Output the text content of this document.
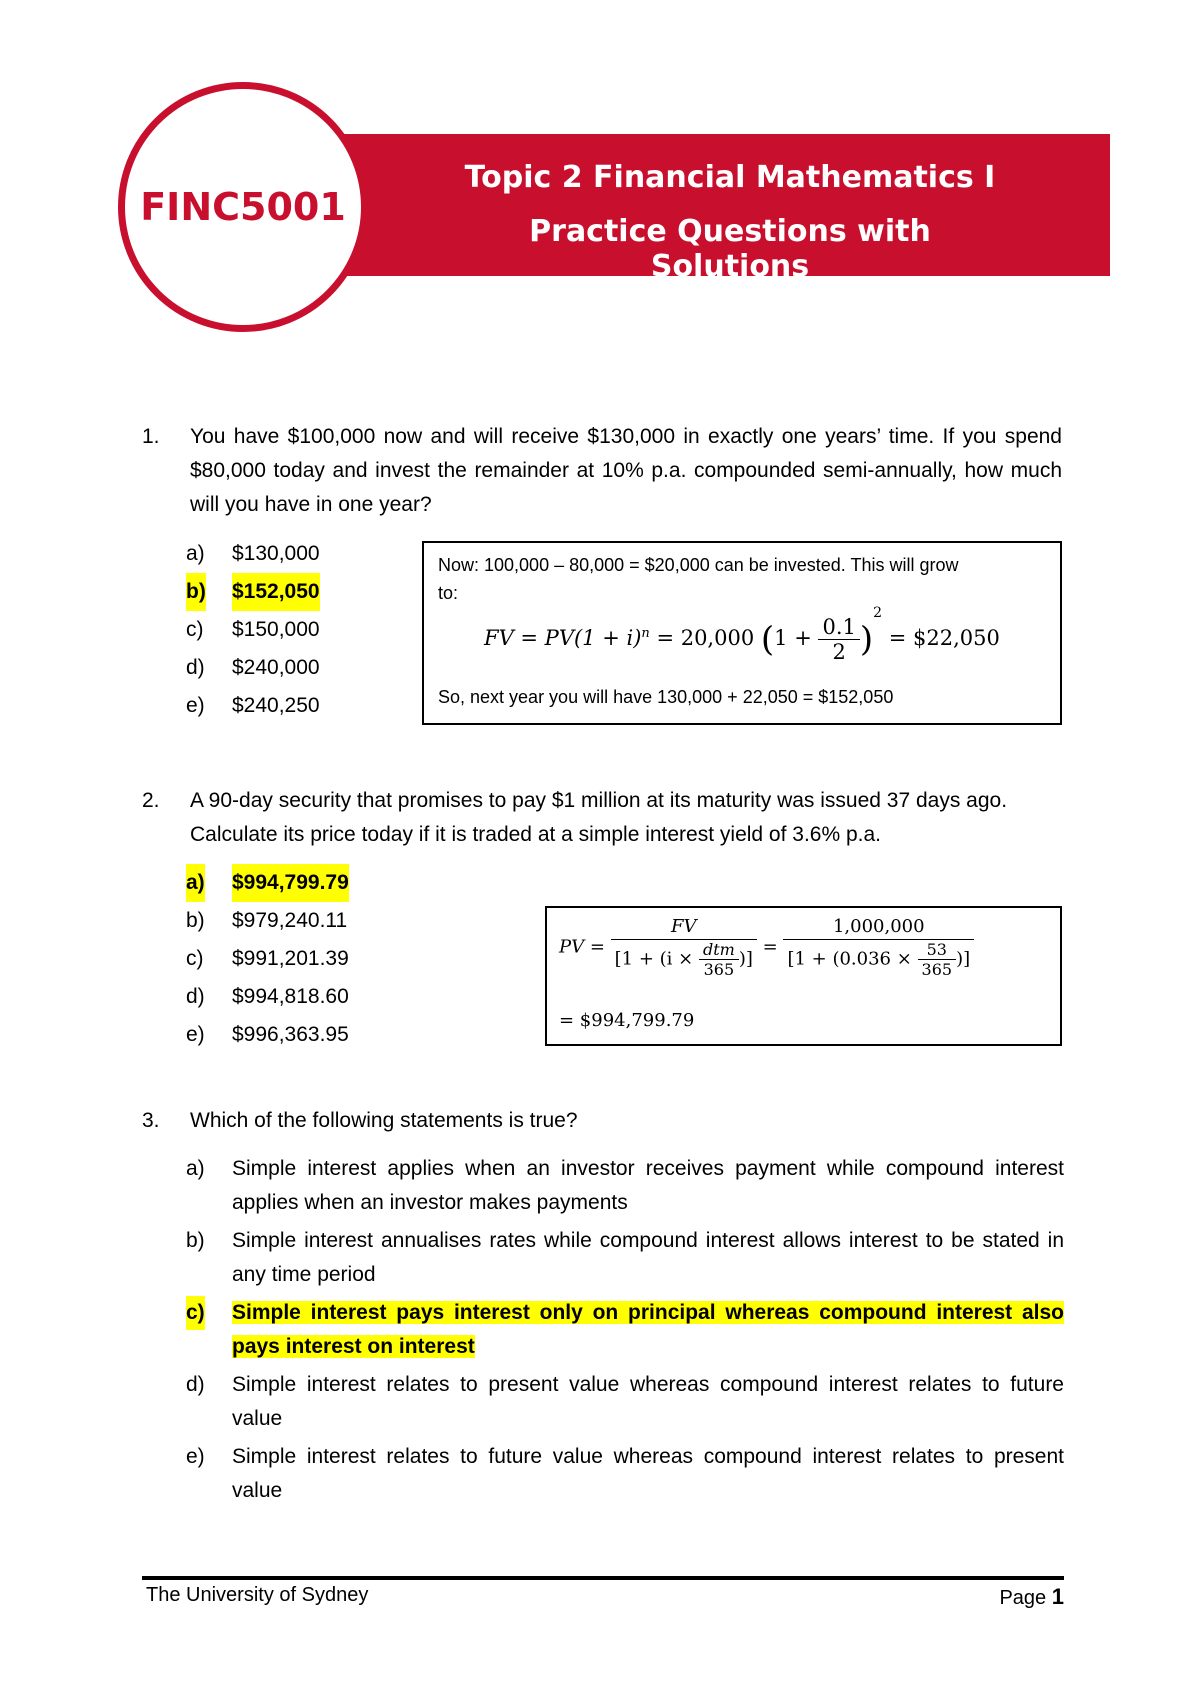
Topic 2 Financial Mathematics I
Practice Questions with Solutions
FINC5001
1.	You have $100,000 now and will receive $130,000 in exactly one years’ time. If you spend $80,000 today and invest the remainder at 10% p.a. compounded semi-annually, how much will you have in one year?
a) $130,000
b) $152,050
c) $150,000
d) $240,000
e) $240,250
Now: 100,000 – 80,000 = $20,000 can be invested. This will grow
to:
FV = $PV(1 + i)^n = 20,000$ $(1 + \frac{0.1}{2} )^2$ = $22,050
So, next year you will have 130,000 + 22,050 = $152,050
2.	A 90-day security that promises to pay $1 million at its maturity was issued 37 days ago. Calculate its price today if it is traded at a simple interest yield of 3.6% p.a.
a) $994,799.79
b) $979,240.11
c) $991,201.39
d) $994,818.60
e) $996,363.95
PV = $\frac{FV}{[1 + (i \times \frac{\text{dtm}}{365} )]} = \frac{1,000,000}{[1 + (0.036 \times \frac{53}{365} )]}$
= $994,799.79
3.	Which of the following statements is true?
a) Simple interest applies when an investor receives payment while compound interest applies when an investor makes payments
b) Simple interest annualises rates while compound interest allows interest to be stated in any time period
c) Simple interest pays interest only on principal whereas compound interest also pays interest on interest
d) Simple interest relates to present value whereas compound interest relates to future value
e) Simple interest relates to future value whereas compound interest relates to present value
The University of Sydney	Page 1
